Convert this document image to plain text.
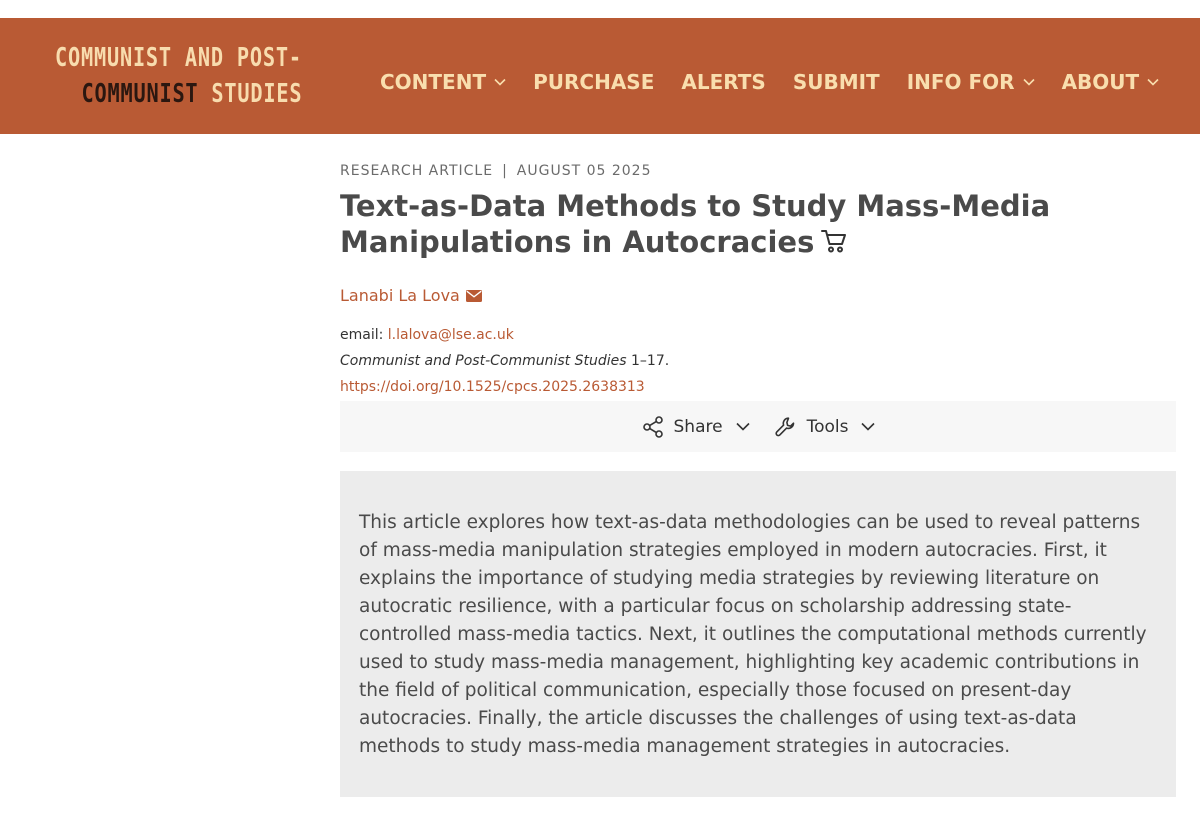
COMMUNIST AND POST-
COMMUNIST STUDIES	CONTENT PURCHASE ALERTS SUBMIT INFO FOR ABOUT
RESEARCH ARTICLE | AUGUST 05 2025
Text-as-Data Methods to Study Mass-Media Manipulations in Autocracies
Lanabi La Lova
email: l.lalova@lse.ac.uk
Communist and Post-Communist Studies 1–17.
https://doi.org/10.1525/cpcs.2025.2638313
Share	Tools

This article explores how text-as-data methodologies can be used to reveal patterns of mass-media manipulation strategies employed in modern autocracies. First, it explains the importance of studying media strategies by reviewing literature on autocratic resilience, with a particular focus on scholarship addressing state-controlled mass-media tactics. Next, it outlines the computational methods currently used to study mass-media management, highlighting key academic contributions in the field of political communication, especially those focused on present-day autocracies. Finally, the article discusses the challenges of using text-as-data methods to study mass-media management strategies in autocracies.
